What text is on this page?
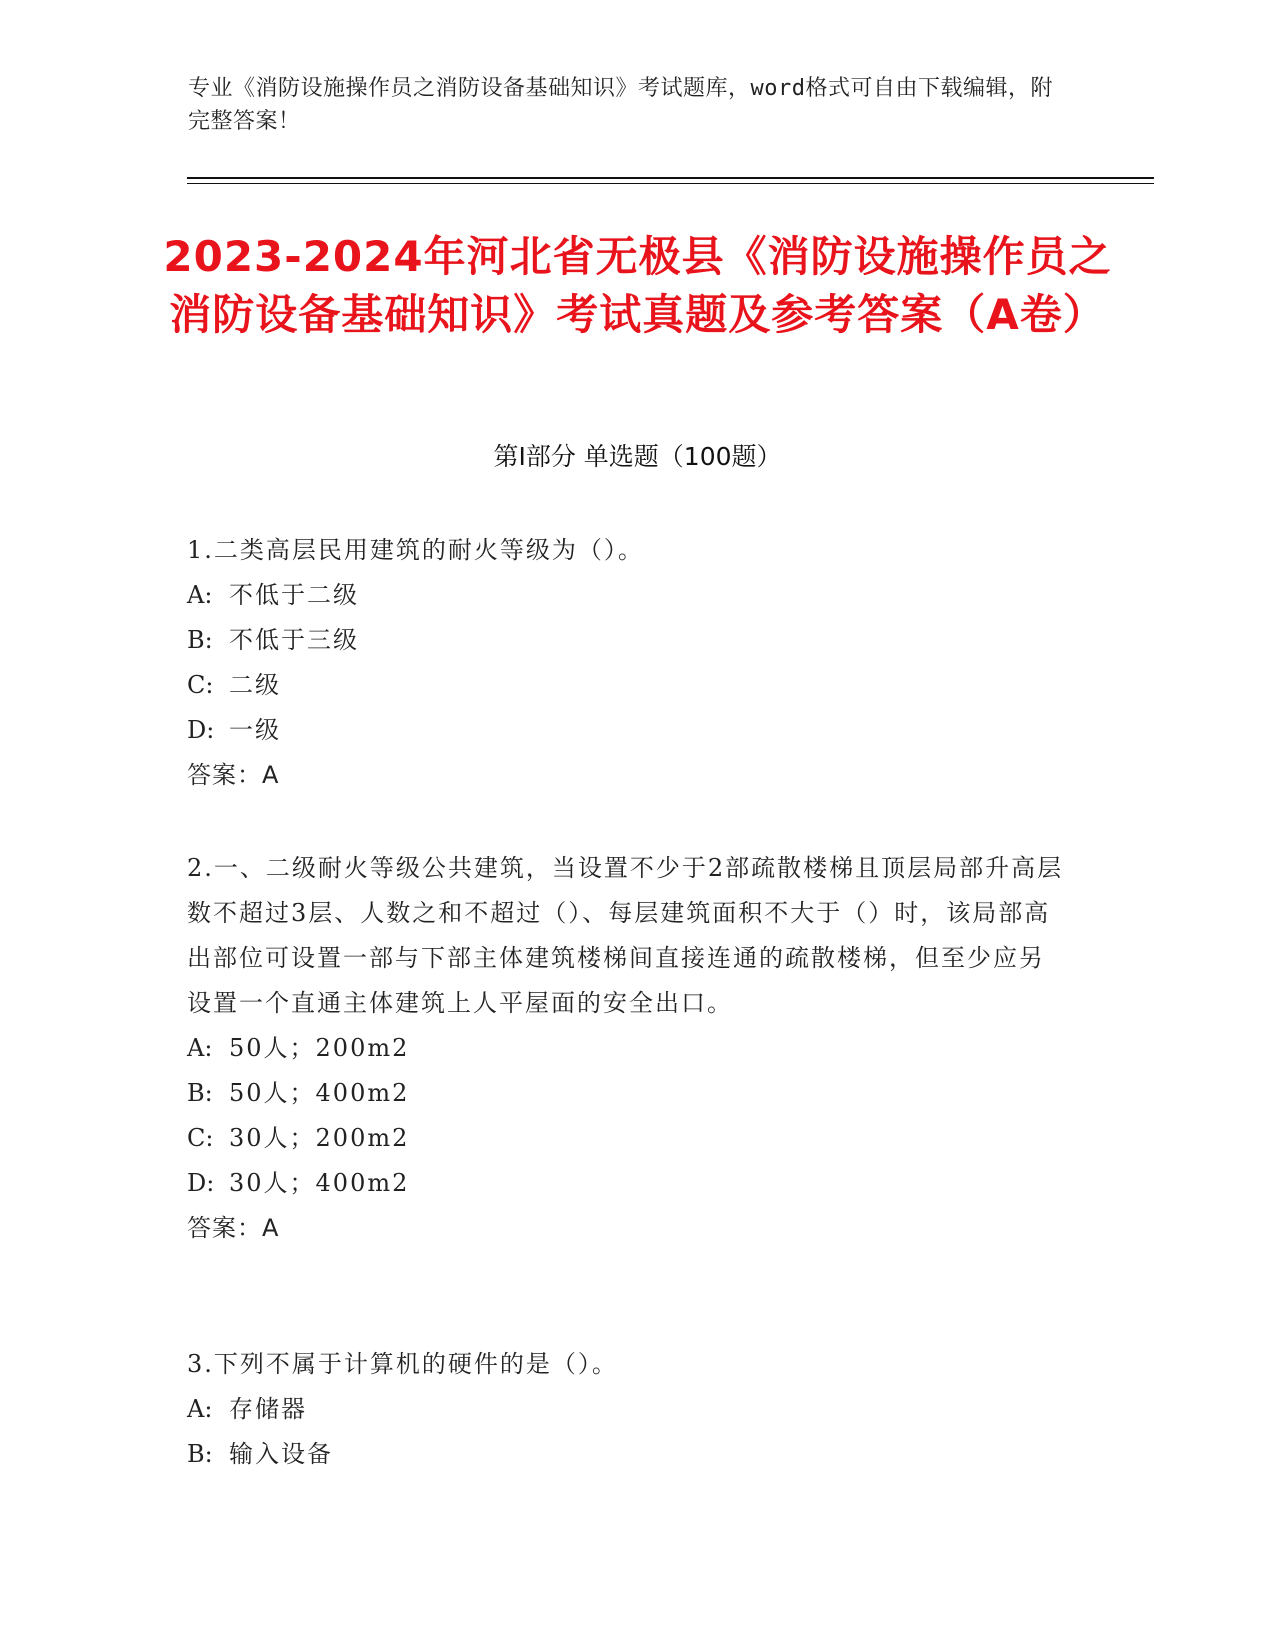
专业《消防设施操作员之消防设备基础知识》考试题库，word格式可自由下载编辑，附完整答案！
2023-2024年河北省无极县《消防设施操作员之消防设备基础知识》考试真题及参考答案（A卷）
第I部分 单选题（100题）
1.二类高层民用建筑的耐火等级为（）。
A: 不低于二级
B: 不低于三级
C: 二级
D: 一级
答案：A
2.一、二级耐火等级公共建筑，当设置不少于2部疏散楼梯且顶层局部升高层数不超过3层、人数之和不超过（）、每层建筑面积不大于（）时，该局部高出部位可设置一部与下部主体建筑楼梯间直接连通的疏散楼梯，但至少应另设置一个直通主体建筑上人平屋面的安全出口。
A: 50人；200m2
B: 50人；400m2
C: 30人；200m2
D: 30人；400m2
答案：A
3.下列不属于计算机的硬件的是（）。
A: 存储器
B: 输入设备
